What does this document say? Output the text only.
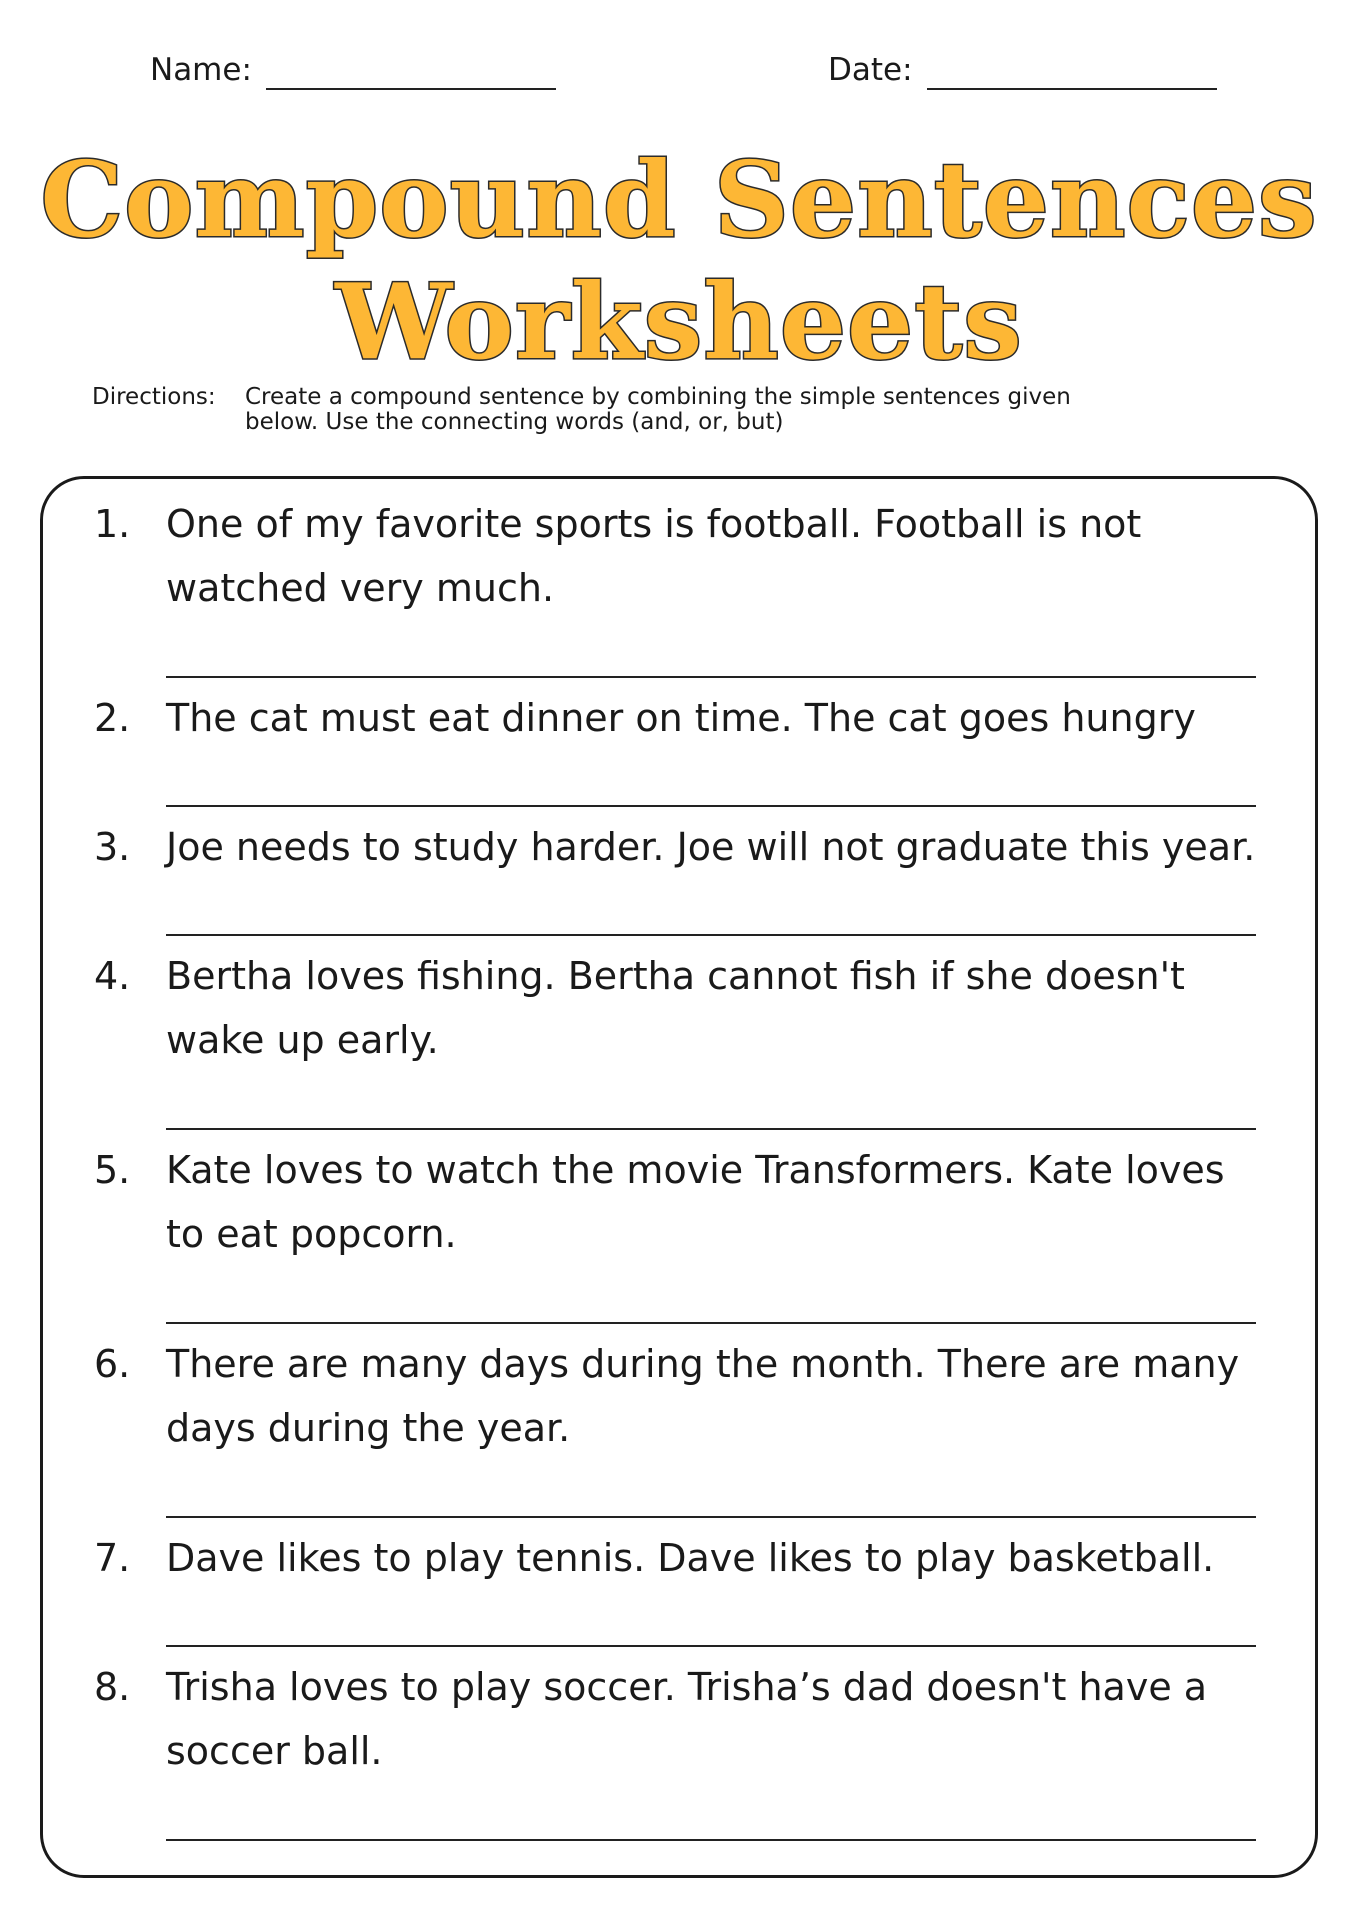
Name:	Date:
Compound Sentences
Worksheets
Directions:	Create a compound sentence by combining the simple sentences given below. Use the connecting words (and, or, but)
1. One of my favorite sports is football. Football is not watched very much.
2. The cat must eat dinner on time. The cat goes hungry
3. Joe needs to study harder. Joe will not graduate this year.
4. Bertha loves fishing. Bertha cannot fish if she doesn't wake up early.
5. Kate loves to watch the movie Transformers. Kate loves to eat popcorn.
6. There are many days during the month. There are many days during the year.
7. Dave likes to play tennis. Dave likes to play basketball.
8. Trisha loves to play soccer. Trisha’s dad doesn't have a soccer ball.
